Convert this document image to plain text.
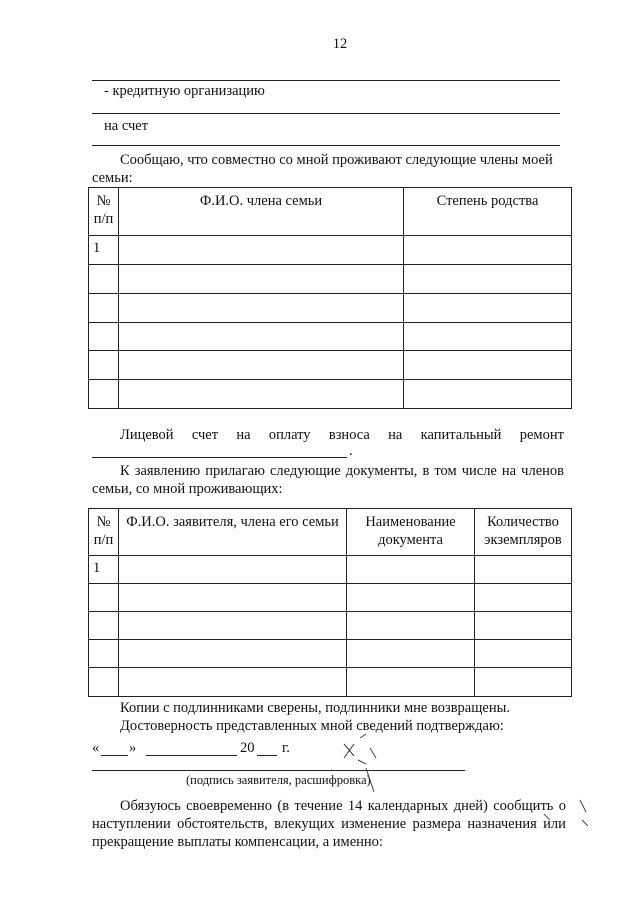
12
- кредитную организацию
на счет
Сообщаю, что совместно со мной проживают следующие члены моей
семьи:
№ п/п	Ф.И.О. члена семьи	Степень родства
1		

Лицевой счет на оплату взноса на капитальный ремонт
.
К заявлению прилагаю следующие документы, в том числе на членов
семьи, со мной проживающих:
№ п/п	Ф.И.О. заявителя, члена его семьи	Наименование документа	Количество экземпляров
1			

Копии с подлинниками сверены, подлинники мне возвращены.
Достоверность представленных мной сведений подтверждаю:
« »	20 г.
(подпись заявителя, расшифровка)
Обязуюсь своевременно (в течение 14 календарных дней) сообщить о
наступлении обстоятельств, влекущих изменение размера назначения или
прекращение выплаты компенсации, а именно:
